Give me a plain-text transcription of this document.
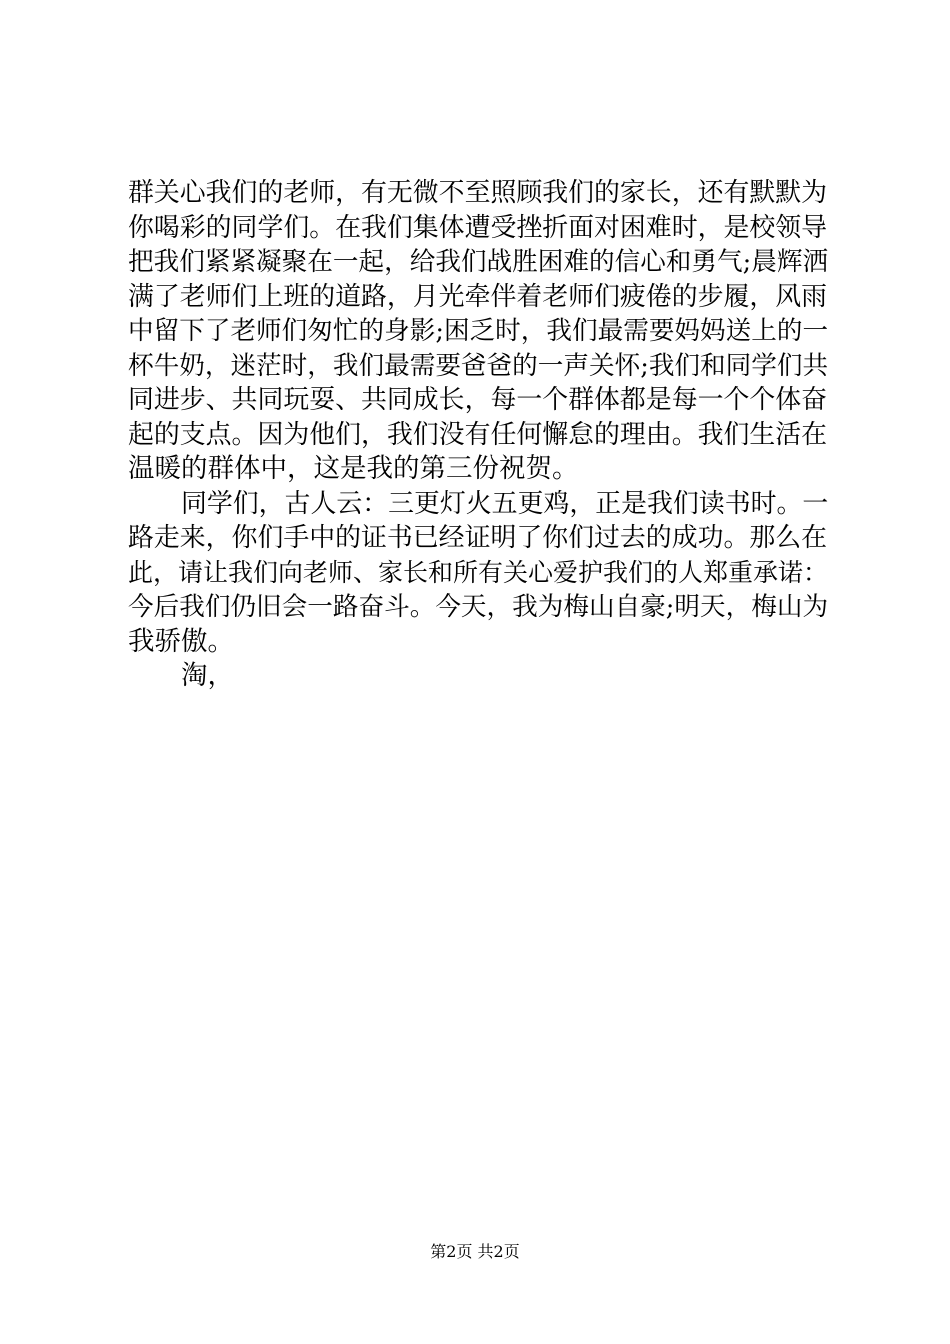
群关心我们的老师，有无微不至照顾我们的家长，还有默默为
你喝彩的同学们。在我们集体遭受挫折面对困难时，是校领导
把我们紧紧凝聚在一起，给我们战胜困难的信心和勇气;晨辉洒
满了老师们上班的道路，月光牵伴着老师们疲倦的步履，风雨
中留下了老师们匆忙的身影;困乏时，我们最需要妈妈送上的一
杯牛奶，迷茫时，我们最需要爸爸的一声关怀;我们和同学们共
同进步、共同玩耍、共同成长，每一个群体都是每一个个体奋
起的支点。因为他们，我们没有任何懈怠的理由。我们生活在
温暖的群体中，这是我的第三份祝贺。
同学们，古人云：三更灯火五更鸡，正是我们读书时。一
路走来，你们手中的证书已经证明了你们过去的成功。那么在
此，请让我们向老师、家长和所有关心爱护我们的人郑重承诺：
今后我们仍旧会一路奋斗。今天，我为梅山自豪;明天，梅山为
我骄傲。
淘，
第2页 共2页
